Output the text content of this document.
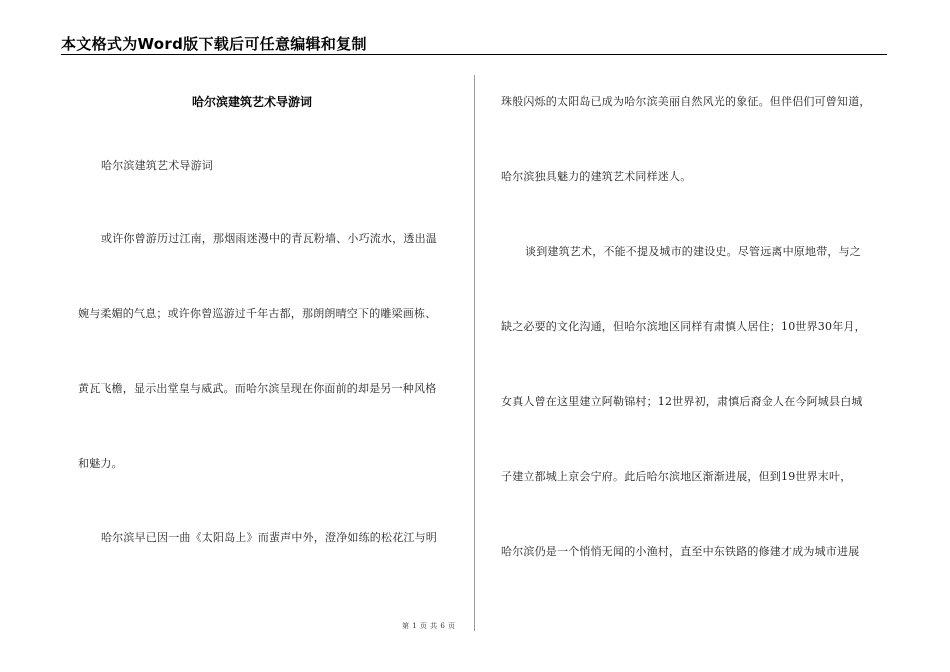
本文格式为Word版下载后可任意编辑和复制
哈尔滨建筑艺术导游词
哈尔滨建筑艺术导游词
或许你曾游历过江南，那烟雨迷漫中的青瓦粉墙、小巧流水，透出温
婉与柔媚的气息；或许你曾巡游过千年古都，那朗朗晴空下的雕梁画栋、
黄瓦飞檐，显示出堂皇与威武。而哈尔滨呈现在你面前的却是另一种风格
和魅力。
哈尔滨早已因一曲《太阳岛上》而蜚声中外，澄净如练的松花江与明
珠般闪烁的太阳岛已成为哈尔滨美丽自然风光的象征。但伴侣们可曾知道，
哈尔滨独具魅力的建筑艺术同样迷人。
谈到建筑艺术，不能不提及城市的建设史。尽管远离中原地带，与之
缺之必要的文化沟通，但哈尔滨地区同样有肃慎人居住；10世界30年月，
女真人曾在这里建立阿勒锦村；12世界初，肃慎后裔金人在今阿城县白城
子建立都城上京会宁府。此后哈尔滨地区渐渐进展，但到19世界末叶，
哈尔滨仍是一个悄悄无闻的小渔村，直至中东铁路的修建才成为城市进展
第 1 页 共 6 页
